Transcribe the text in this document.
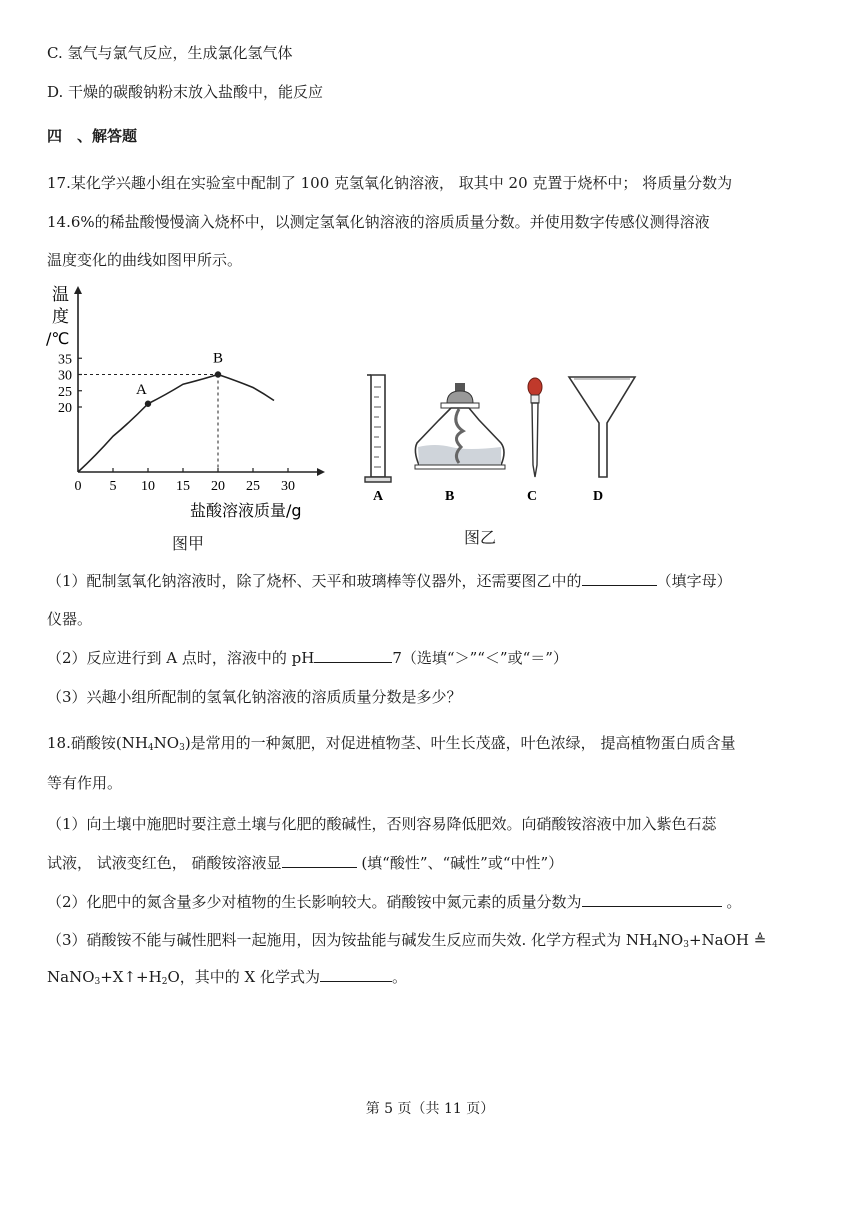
C. 氢气与氯气反应，生成氯化氢气体
D. 干燥的碳酸钠粉末放入盐酸中，能反应
四　、解答题
17.某化学兴趣小组在实验室中配制了 100 克氢氧化钠溶液， 取其中 20 克置于烧杯中； 将质量分数为
14.6%的稀盐酸慢慢滴入烧杯中，以测定氢氧化钠溶液的溶质质量分数。并使用数字传感仪测得溶液
温度变化的曲线如图甲所示。
0 5 10 15 20 25 30
20
25
30
35
A
B
温
度
/℃
盐酸溶液质量/g
图甲
A	B	C	D
图乙
（1）配制氢氧化钠溶液时，除了烧杯、天平和玻璃棒等仪器外，还需要图乙中的	（填字母）
仪器。
（2）反应进行到 A 点时，溶液中的 pH	7（选填“＞”“＜”或“＝”）
（3）兴趣小组所配制的氢氧化钠溶液的溶质质量分数是多少？
18.硝酸铵$(NH_4NO_3)$是常用的一种氮肥，对促进植物茎、叶生长茂盛，叶色浓绿， 提高植物蛋白质含量
等有作用。
（1）向土壤中施肥时要注意土壤与化肥的酸碱性，否则容易降低肥效。向硝酸铵溶液中加入紫色石蕊
试液， 试液变红色， 硝酸铵溶液显	(填“酸性”、“碱性”或“中性”）
（2）化肥中的氮含量多少对植物的生长影响较大。硝酸铵中氮元素的质量分数为	。
（3）硝酸铵不能与碱性肥料一起施用，因为铵盐能与碱发生反应而失效. 化学方程式为 $NH_4NO_3+NaOH$ ≜
$NaNO_3+X↑+H_2O$，其中的 X 化学式为	。
第 5 页（共 11 页）
